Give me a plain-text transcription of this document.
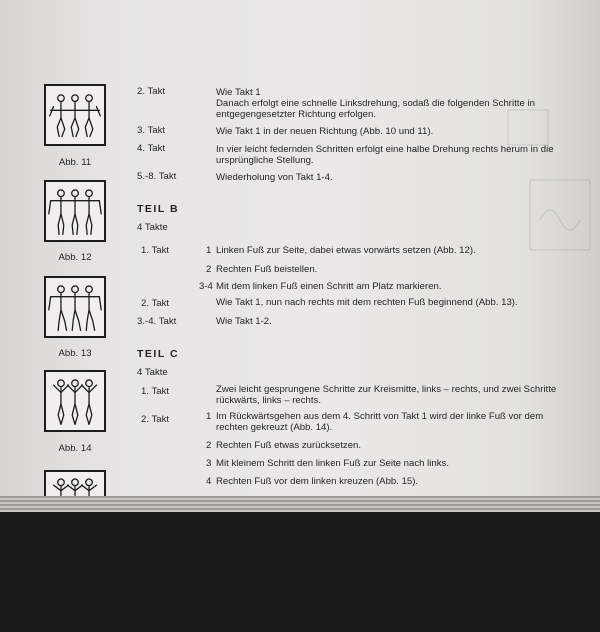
Abb. 11
Abb. 12
Abb. 13
Abb. 14
2. Takt	Wie Takt 1
Danach erfolgt eine schnelle Linksdrehung, sodaß die folgenden Schritte in entgegengesetzter Richtung erfolgen.
3. Takt	Wie Takt 1 in der neuen Richtung (Abb. 10 und 11).
4. Takt	In vier leicht federnden Schritten erfolgt eine halbe Drehung rechts herum in die ursprüngliche Stellung.
5.-8. Takt	Wiederholung von Takt 1-4.
TEIL B
4 Takte
1. Takt	1 Linken Fuß zur Seite, dabei etwas vorwärts setzen (Abb. 12).
2 Rechten Fuß beistellen.
3-4 Mit dem linken Fuß einen Schritt am Platz markieren.
2. Takt	Wie Takt 1, nun nach rechts mit dem rechten Fuß beginnend (Abb. 13).
3.-4. Takt	Wie Takt 1-2.
TEIL C
4 Takte
1. Takt	Zwei leicht gesprungene Schritte zur Kreismitte, links – rechts, und zwei Schritte rückwärts, links – rechts.
2. Takt	1 Im Rückwärtsgehen aus dem 4. Schritt von Takt 1 wird der linke Fuß vor dem rechten gekreuzt (Abb. 14).
2 Rechten Fuß etwas zurücksetzen.
3 Mit kleinem Schritt den linken Fuß zur Seite nach links.
4 Rechten Fuß vor dem linken kreuzen (Abb. 15).
